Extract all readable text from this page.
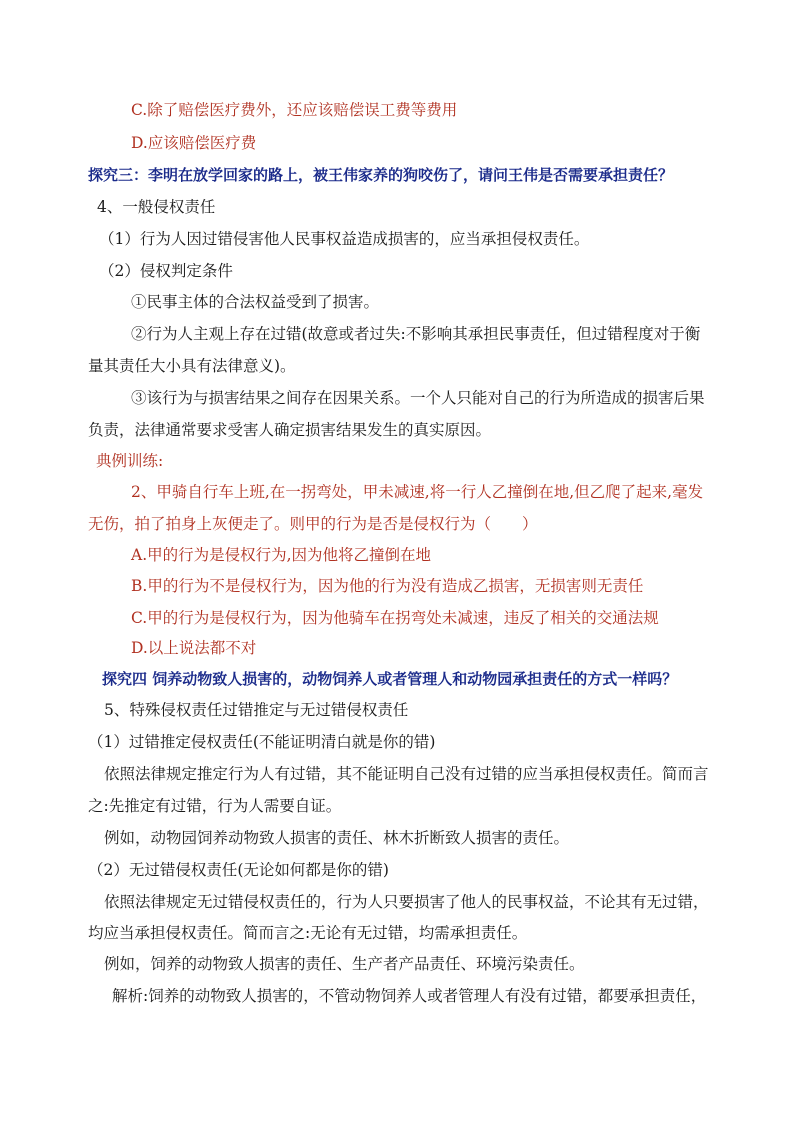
C.除了赔偿医疗费外，还应该赔偿误工费等费用
D.应该赔偿医疗费
探究三：李明在放学回家的路上，被王伟家养的狗咬伤了，请问王伟是否需要承担责任？
4、一般侵权责任
（1）行为人因过错侵害他人民事权益造成损害的，应当承担侵权责任。
（2）侵权判定条件
①民事主体的合法权益受到了损害。
②行为人主观上存在过错(故意或者过失:不影响其承担民事责任，但过错程度对于衡
量其责任大小具有法律意义)。
③该行为与损害结果之间存在因果关系。一个人只能对自己的行为所造成的损害后果
负责，法律通常要求受害人确定损害结果发生的真实原因。
典例训练:
2、甲骑自行车上班,在一拐弯处，甲未减速,将一行人乙撞倒在地,但乙爬了起来,毫发
无伤，拍了拍身上灰便走了。则甲的行为是否是侵权行为（　　）
A.甲的行为是侵权行为,因为他将乙撞倒在地
B.甲的行为不是侵权行为，因为他的行为没有造成乙损害，无损害则无责任
C.甲的行为是侵权行为，因为他骑车在拐弯处未减速，违反了相关的交通法规
D.以上说法都不对
探究四 饲养动物致人损害的，动物饲养人或者管理人和动物园承担责任的方式一样吗？
5、特殊侵权责任过错推定与无过错侵权责任
（1）过错推定侵权责任(不能证明清白就是你的错)
依照法律规定推定行为人有过错，其不能证明自己没有过错的应当承担侵权责任。简而言
之:先推定有过错，行为人需要自证。
例如，动物园饲养动物致人损害的责任、林木折断致人损害的责任。
（2）无过错侵权责任(无论如何都是你的错)
依照法律规定无过错侵权责任的，行为人只要损害了他人的民事权益，不论其有无过错，
均应当承担侵权责任。简而言之:无论有无过错，均需承担责任。
例如，饲养的动物致人损害的责任、生产者产品责任、环境污染责任。
解析:饲养的动物致人损害的，不管动物饲养人或者管理人有没有过错，都要承担责任，
